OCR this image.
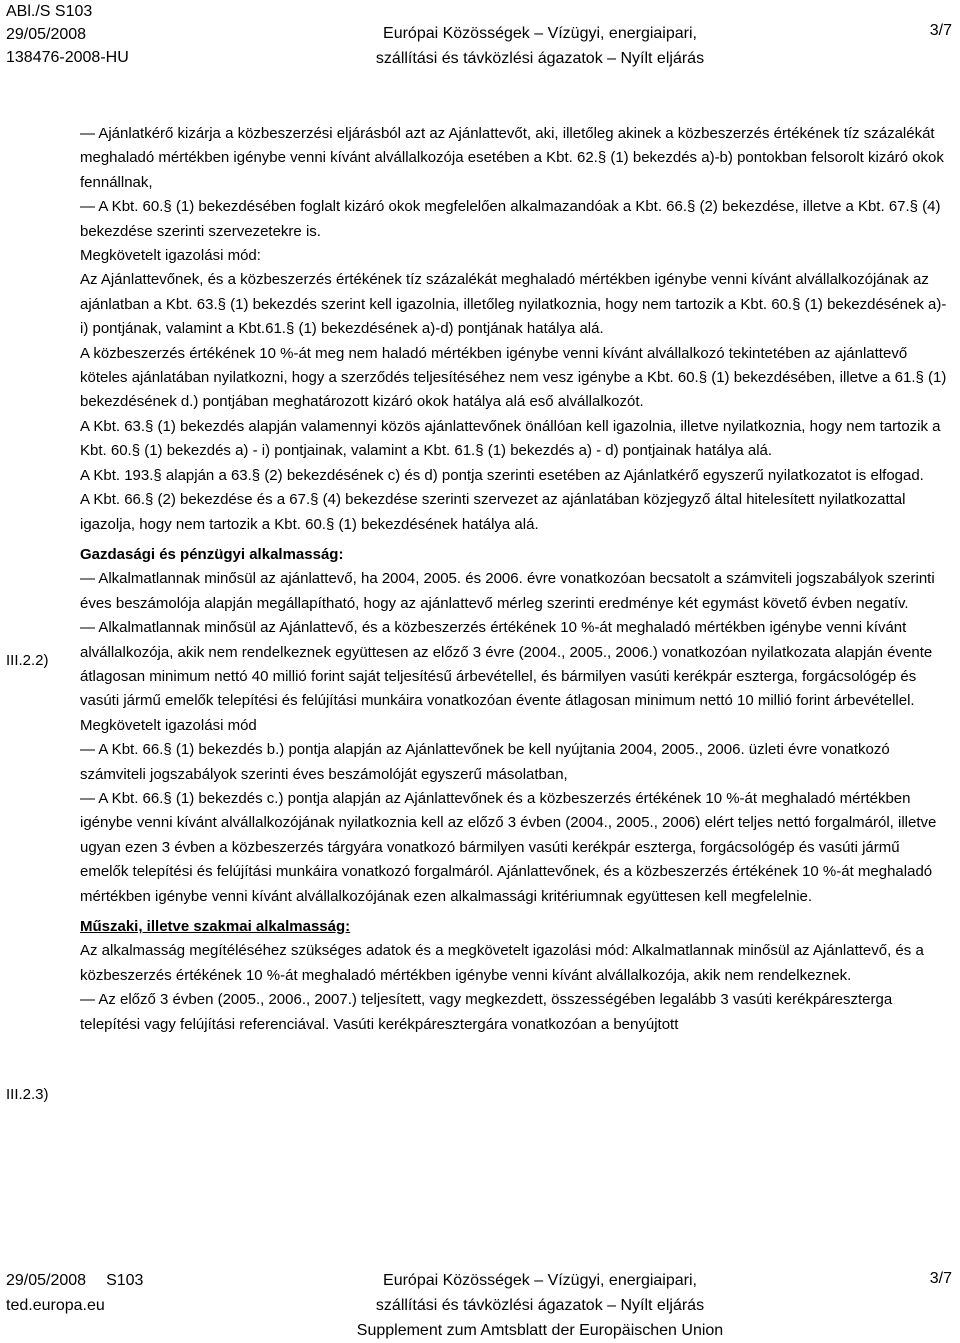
ABl./S S103
29/05/2008
138476-2008-HU
Európai Közösségek – Vízügyi, energiaipari,
szállítási és távközlési ágazatok – Nyílt eljárás
3/7
III.2.2)
III.2.3)

— Ajánlatkérő kizárja a közbeszerzési eljárásból azt az Ajánlattevőt, aki, illetőleg akinek a közbeszerzés értékének tíz százalékát meghaladó mértékben igénybe venni kívánt alvállalkozója esetében a Kbt. 62.§ (1) bekezdés a)-b) pontokban felsorolt kizáró okok fennállnak,

— A Kbt. 60.§ (1) bekezdésében foglalt kizáró okok megfelelően alkalmazandóak a Kbt. 66.§ (2) bekezdése, illetve a Kbt. 67.§ (4) bekezdése szerinti szervezetekre is.

Megkövetelt igazolási mód:

Az Ajánlattevőnek, és a közbeszerzés értékének tíz százalékát meghaladó mértékben igénybe venni kívánt alvállalkozójának az ajánlatban a Kbt. 63.§ (1) bekezdés szerint kell igazolnia, illetőleg nyilatkoznia, hogy nem tartozik a Kbt. 60.§ (1) bekezdésének a)-i) pontjának, valamint a Kbt.61.§ (1) bekezdésének a)-d) pontjának hatálya alá.

A közbeszerzés értékének 10 %-át meg nem haladó mértékben igénybe venni kívánt alvállalkozó tekintetében az ajánlattevő köteles ajánlatában nyilatkozni, hogy a szerződés teljesítéséhez nem vesz igénybe a Kbt. 60.§ (1) bekezdésében, illetve a 61.§ (1) bekezdésének d.) pontjában meghatározott kizáró okok hatálya alá eső alvállalkozót.

A Kbt. 63.§ (1) bekezdés alapján valamennyi közös ajánlattevőnek önállóan kell igazolnia, illetve nyilatkoznia, hogy nem tartozik a Kbt. 60.§ (1) bekezdés a) - i) pontjainak, valamint a Kbt. 61.§ (1) bekezdés a) - d) pontjainak hatálya alá.

A Kbt. 193.§ alapján a 63.§ (2) bekezdésének c) és d) pontja szerinti esetében az Ajánlatkérő egyszerű nyilatkozatot is elfogad.

A Kbt. 66.§ (2) bekezdése és a 67.§ (4) bekezdése szerinti szervezet az ajánlatában közjegyző által hitelesített nyilatkozattal igazolja, hogy nem tartozik a Kbt. 60.§ (1) bekezdésének hatálya alá.

Gazdasági és pénzügyi alkalmasság:

— Alkalmatlannak minősül az ajánlattevő, ha 2004, 2005. és 2006. évre vonatkozóan becsatolt a számviteli jogszabályok szerinti éves beszámolója alapján megállapítható, hogy az ajánlattevő mérleg szerinti eredménye két egymást követő évben negatív.

— Alkalmatlannak minősül az Ajánlattevő, és a közbeszerzés értékének 10 %-át meghaladó mértékben igénybe venni kívánt alvállalkozója, akik nem rendelkeznek együttesen az előző 3 évre (2004., 2005., 2006.) vonatkozóan nyilatkozata alapján évente átlagosan minimum nettó 40 millió forint saját teljesítésű árbevétellel, és bármilyen vasúti kerékpár eszterga, forgácsológép és vasúti jármű emelők telepítési és felújítási munkáira vonatkozóan évente átlagosan minimum nettó 10 millió forint árbevétellel.

Megkövetelt igazolási mód

— A Kbt. 66.§ (1) bekezdés b.) pontja alapján az Ajánlattevőnek be kell nyújtania 2004, 2005., 2006. üzleti évre vonatkozó számviteli jogszabályok szerinti éves beszámolóját egyszerű másolatban,

— A Kbt. 66.§ (1) bekezdés c.) pontja alapján az Ajánlattevőnek és a közbeszerzés értékének 10 %-át meghaladó mértékben igénybe venni kívánt alvállalkozójának nyilatkoznia kell az előző 3 évben (2004., 2005., 2006) elért teljes nettó forgalmáról, illetve ugyan ezen 3 évben a közbeszerzés tárgyára vonatkozó bármilyen vasúti kerékpár eszterga, forgácsológép és vasúti jármű emelők telepítési és felújítási munkáira vonatkozó forgalmáról. Ajánlattevőnek, és a közbeszerzés értékének 10 %-át meghaladó mértékben igénybe venni kívánt alvállalkozójának ezen alkalmassági kritériumnak együttesen kell megfelelnie.

Műszaki, illetve szakmai alkalmasság:

Az alkalmasság megítéléséhez szükséges adatok és a megkövetelt igazolási mód: Alkalmatlannak minősül az Ajánlattevő, és a közbeszerzés értékének 10 %-át meghaladó mértékben igénybe venni kívánt alvállalkozója, akik nem rendelkeznek.

— Az előző 3 évben (2005., 2006., 2007.) teljesített, vagy megkezdett, összességében legalább 3 vasúti kerékpáreszterga telepítési vagy felújítási referenciával. Vasúti kerékpáresztergára vonatkozóan a benyújtott

29/05/2008 S103
ted.europa.eu
Európai Közösségek – Vízügyi, energiaipari,
szállítási és távközlési ágazatok – Nyílt eljárás
Supplement zum Amtsblatt der Europäischen Union
3/7
